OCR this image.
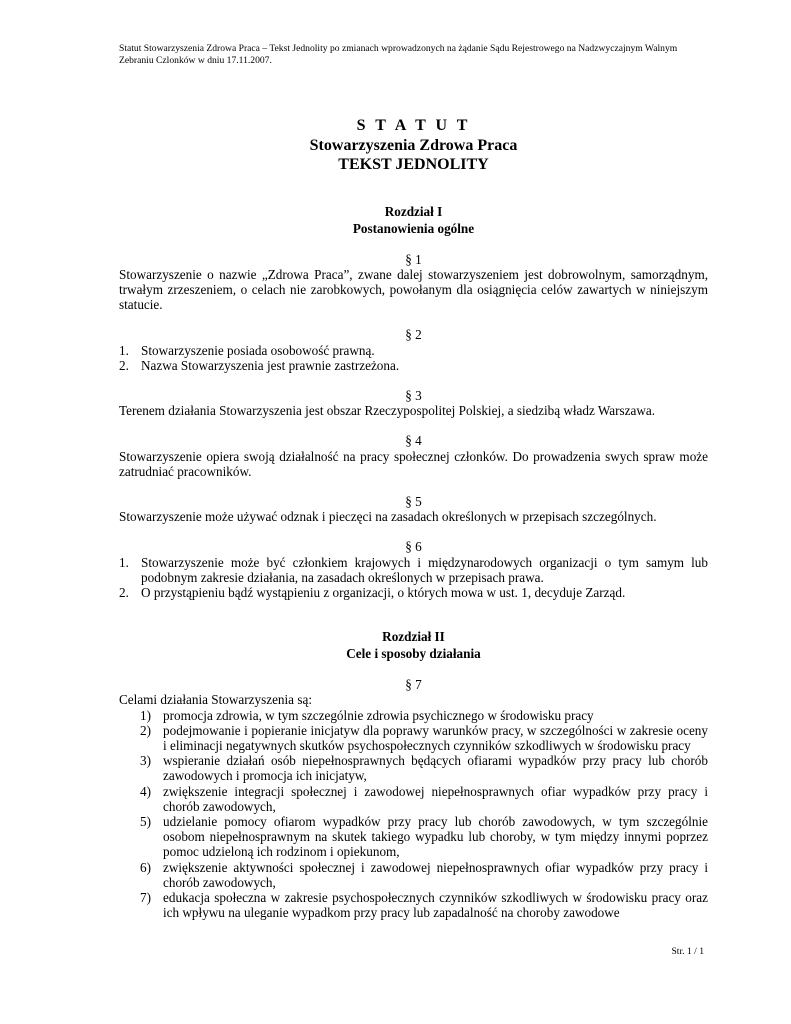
Statut Stowarzyszenia Zdrowa Praca – Tekst Jednolity po zmianach wprowadzonych na żądanie Sądu Rejestrowego na Nadzwyczajnym Walnym Zebraniu Czlonków w dniu 17.11.2007.
S T A T U T
Stowarzyszenia Zdrowa Praca
TEKST JEDNOLITY
Rozdział I
Postanowienia ogólne
§ 1
Stowarzyszenie o nazwie „Zdrowa Praca”, zwane dalej stowarzyszeniem jest dobrowolnym, samorządnym, trwałym zrzeszeniem, o celach nie zarobkowych, powołanym dla osiągnięcia celów zawartych w niniejszym statucie.
§ 2
1. Stowarzyszenie posiada osobowość prawną.
2. Nazwa Stowarzyszenia jest prawnie zastrzeżona.
§ 3
Terenem działania Stowarzyszenia jest obszar Rzeczypospolitej Polskiej, a siedzibą władz Warszawa.
§ 4
Stowarzyszenie opiera swoją działalność na pracy społecznej członków. Do prowadzenia swych spraw może zatrudniać pracowników.
§ 5
Stowarzyszenie może używać odznak i pieczęci na zasadach określonych w przepisach szczególnych.
§ 6
1. Stowarzyszenie może być członkiem krajowych i międzynarodowych organizacji o tym samym lub podobnym zakresie działania, na zasadach określonych w przepisach prawa.
2. O przystąpieniu bądź wystąpieniu z organizacji, o których mowa w ust. 1, decyduje Zarząd.
Rozdział II
Cele i sposoby działania
§ 7
Celami działania Stowarzyszenia są:
1) promocja zdrowia, w tym szczególnie zdrowia psychicznego w środowisku pracy
2) podejmowanie i popieranie inicjatyw dla poprawy warunków pracy, w szczególności w zakresie oceny i eliminacji negatywnych skutków psychospołecznych czynników szkodliwych w środowisku pracy
3) wspieranie działań osób niepełnosprawnych będących ofiarami wypadków przy pracy lub chorób zawodowych i promocja ich inicjatyw,
4) zwiększenie integracji społecznej i zawodowej niepełnosprawnych ofiar wypadków przy pracy i chorób zawodowych,
5) udzielanie pomocy ofiarom wypadków przy pracy lub chorób zawodowych, w tym szczególnie osobom niepełnosprawnym na skutek takiego wypadku lub choroby, w tym między innymi poprzez pomoc udzieloną ich rodzinom i opiekunom,
6) zwiększenie aktywności społecznej i zawodowej niepełnosprawnych ofiar wypadków przy pracy i chorób zawodowych,
7) edukacja społeczna w zakresie psychospołecznych czynników szkodliwych w środowisku pracy oraz ich wpływu na uleganie wypadkom przy pracy lub zapadalność na choroby zawodowe
Str. 1 / 1
